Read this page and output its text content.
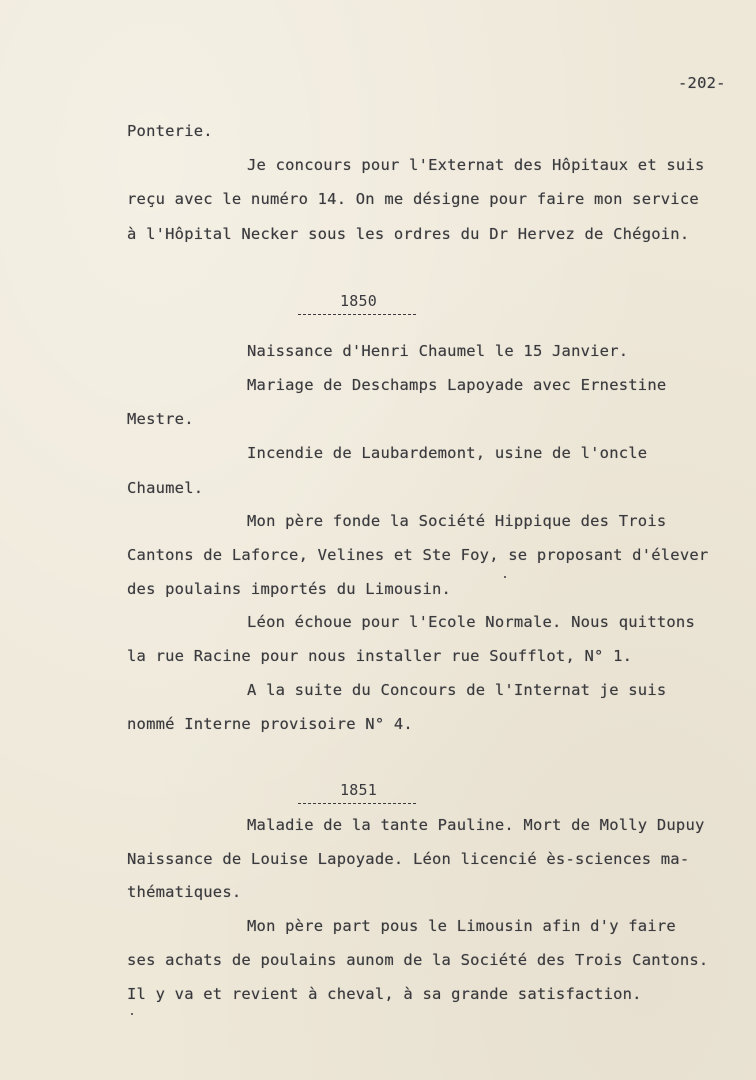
-202-
Ponterie.
Je concours pour l'Externat des Hôpitaux et suis
reçu avec le numéro 14. On me désigne pour faire mon service
à l'Hôpital Necker sous les ordres du Dr Hervez de Chégoin.
1850
Naissance d'Henri Chaumel le 15 Janvier.
Mariage de Deschamps Lapoyade avec Ernestine
Mestre.
Incendie de Laubardemont, usine de l'oncle
Chaumel.
Mon père fonde la Société Hippique des Trois
Cantons de Laforce, Velines et Ste Foy, se proposant d'élever
des poulains importés du Limousin.
Léon échoue pour l'Ecole Normale. Nous quittons
la rue Racine pour nous installer rue Soufflot, N° 1.
A la suite du Concours de l'Internat je suis
nommé Interne provisoire N° 4.
1851
Maladie de la tante Pauline. Mort de Molly Dupuy
Naissance de Louise Lapoyade. Léon licencié ès-sciences ma-
thématiques.
Mon père part pous le Limousin afin d'y faire
ses achats de poulains aunom de la Société des Trois Cantons.
Il y va et revient à cheval, à sa grande satisfaction.
